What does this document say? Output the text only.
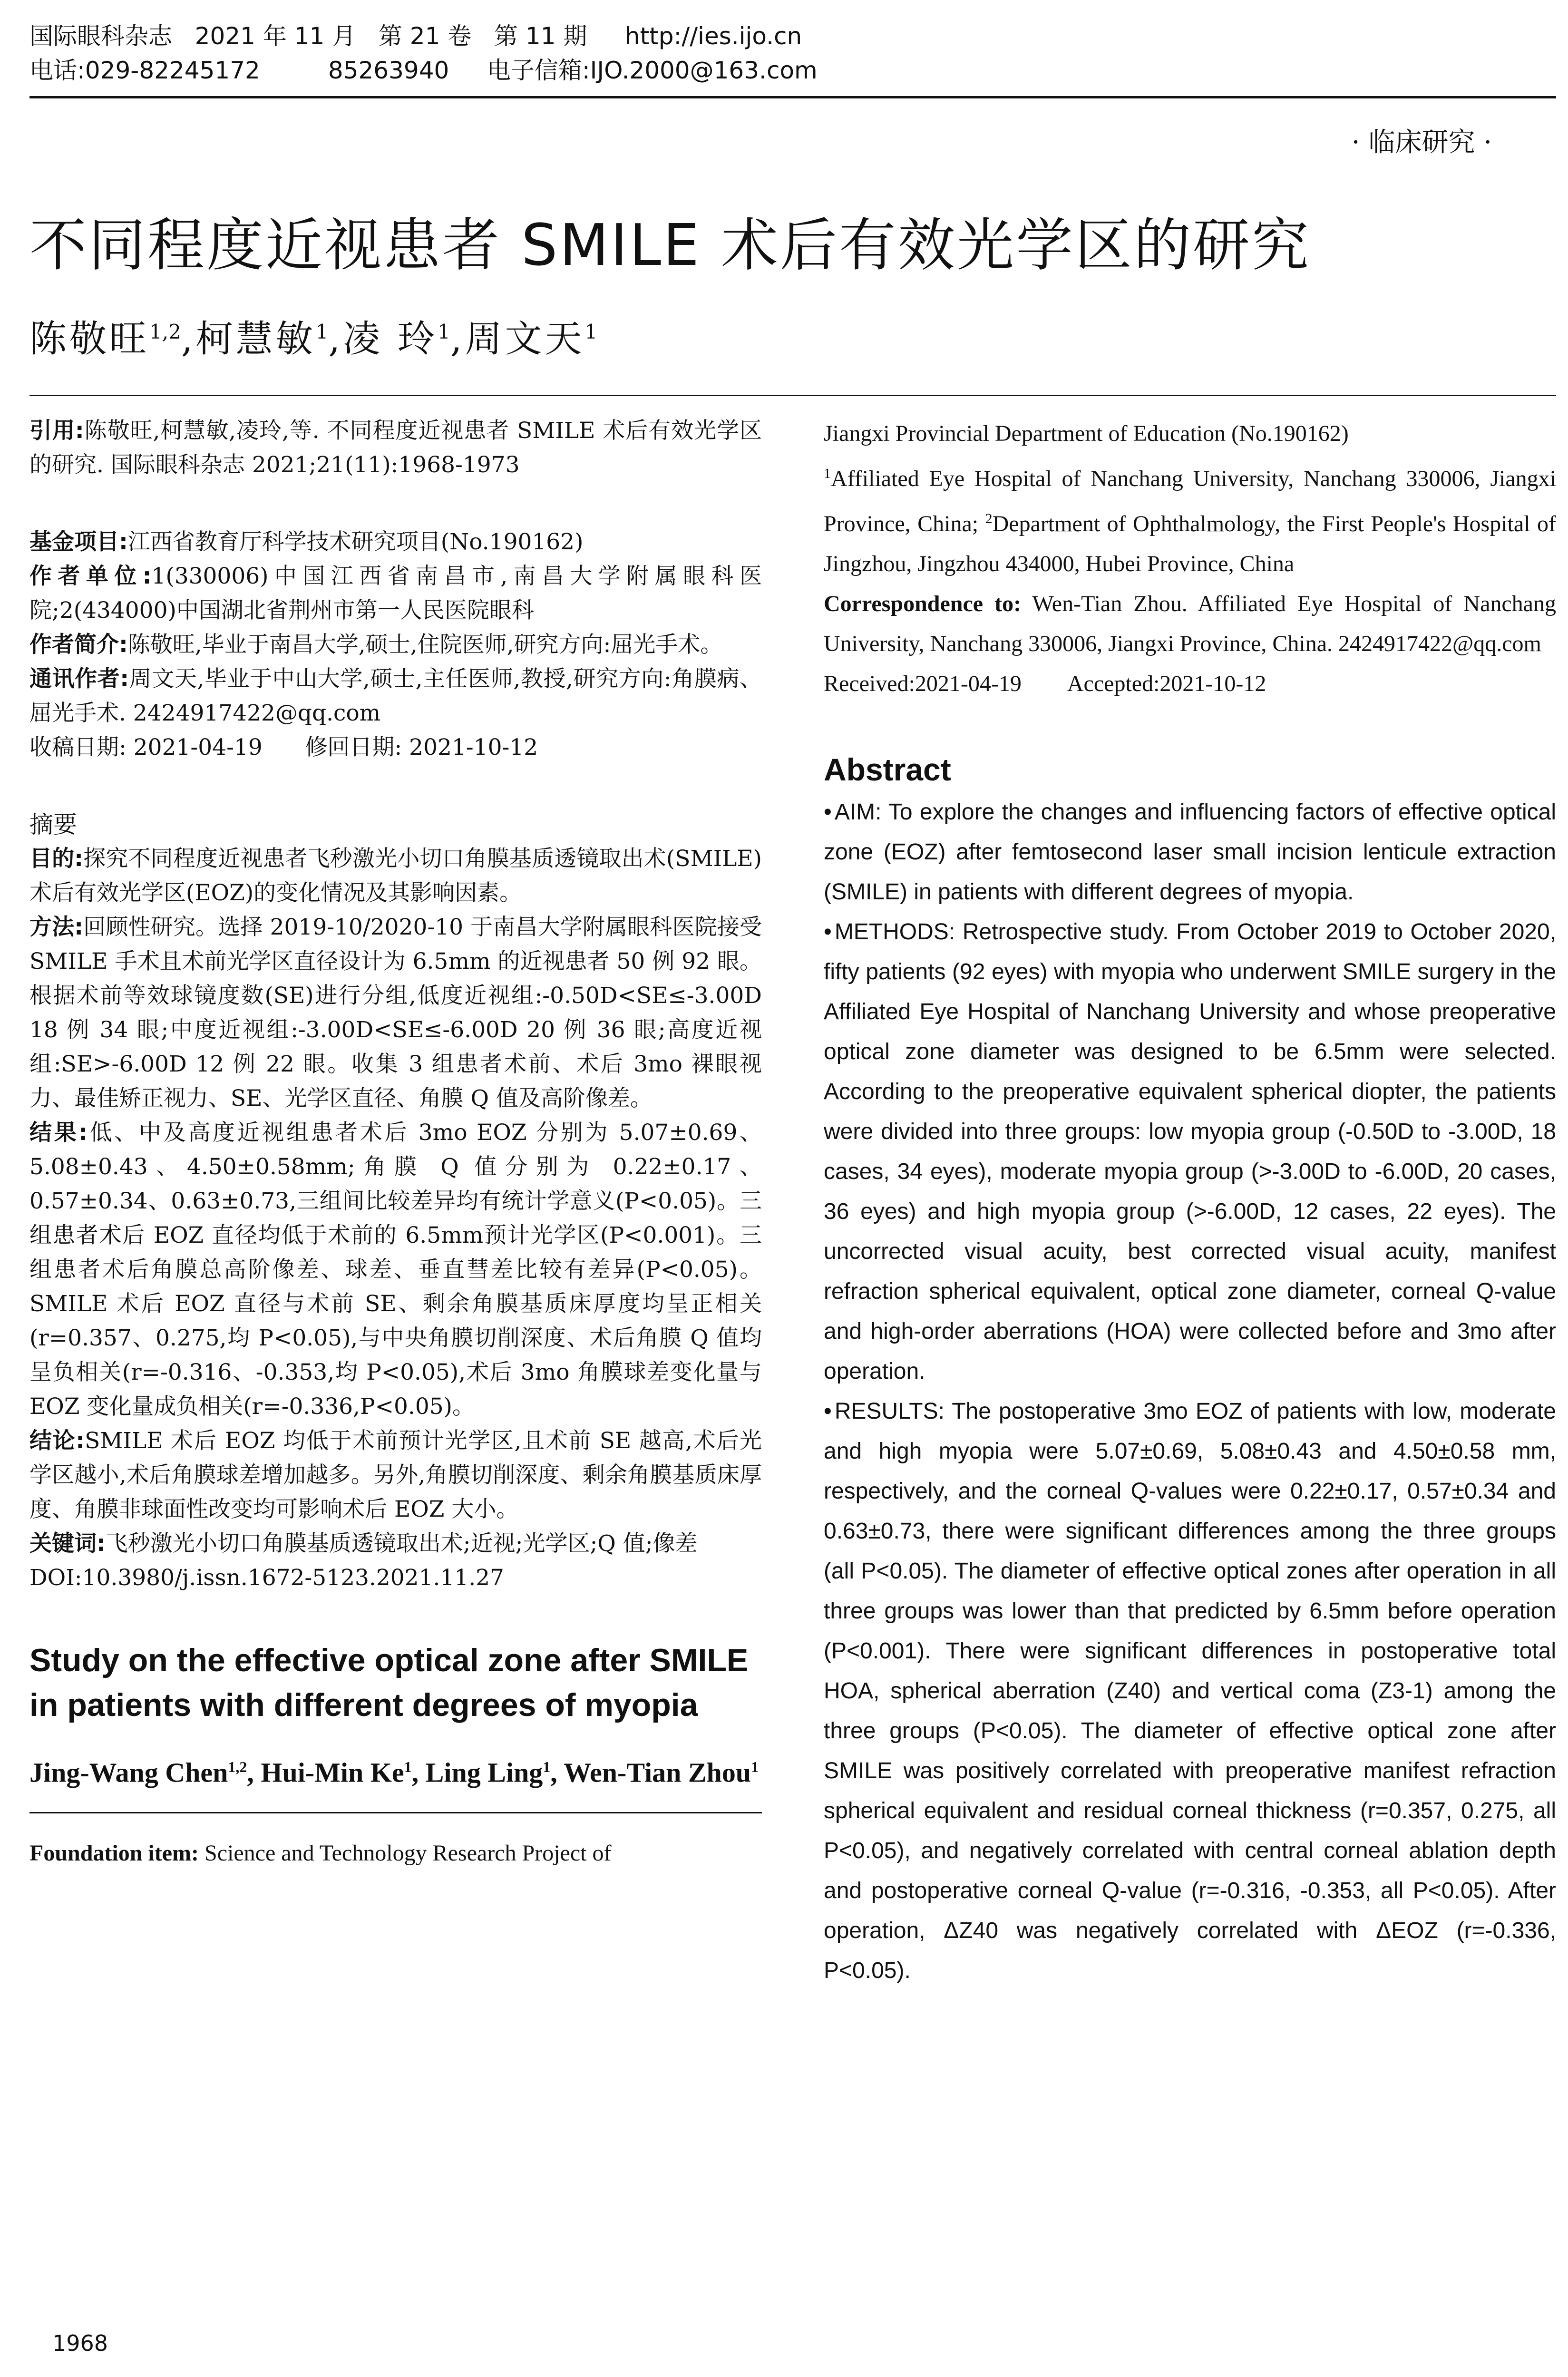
国际眼科杂志   2021 年 11 月   第 21 卷   第 11 期     http://ies.ijo.cn
电话:029-82245172         85263940     电子信箱:IJO.2000@163.com
· 临床研究 ·
不同程度近视患者 SMILE 术后有效光学区的研究
陈敬旺$^{1,2}$,柯慧敏$^1$,凌 玲$^1$,周文天$^1$

引用:陈敬旺,柯慧敏,凌玲,等. 不同程度近视患者 SMILE 术后有效光学区的研究. 国际眼科杂志 2021;21(11):1968-1973

基金项目:江西省教育厅科学技术研究项目(No.190162)

作者单位:1(330006)中国江西省南昌市,南昌大学附属眼科医院;2(434000)中国湖北省荆州市第一人民医院眼科

作者简介:陈敬旺,毕业于南昌大学,硕士,住院医师,研究方向:屈光手术。

通讯作者:周文天,毕业于中山大学,硕士,主任医师,教授,研究方向:角膜病、屈光手术. 2424917422@qq.com

收稿日期: 2021-04-19 修回日期: 2021-10-12

摘要

目的:探究不同程度近视患者飞秒激光小切口角膜基质透镜取出术(SMILE)术后有效光学区(EOZ)的变化情况及其影响因素。

方法:回顾性研究。选择 2019-10/2020-10 于南昌大学附属眼科医院接受 SMILE 手术且术前光学区直径设计为 6.5mm 的近视患者 50 例 92 眼。根据术前等效球镜度数(SE)进行分组,低度近视组:-0.50D<SE≤-3.00D 18 例 34 眼;中度近视组:-3.00D<SE≤-6.00D 20 例 36 眼;高度近视组:SE>-6.00D 12 例 22 眼。收集 3 组患者术前、术后 3mo 裸眼视力、最佳矫正视力、SE、光学区直径、角膜 Q 值及高阶像差。

结果:低、中及高度近视组患者术后 3mo EOZ 分别为 5.07±0.69、5.08±0.43、4.50±0.58mm;角膜 Q 值分别为 0.22±0.17、0.57±0.34、0.63±0.73,三组间比较差异均有统计学意义(P<0.05)。三组患者术后 EOZ 直径均低于术前的 6.5mm预计光学区(P<0.001)。三组患者术后角膜总高阶像差、球差、垂直彗差比较有差异(P<0.05)。SMILE 术后 EOZ 直径与术前 SE、剩余角膜基质床厚度均呈正相关(r=0.357、0.275,均 P<0.05),与中央角膜切削深度、术后角膜 Q 值均呈负相关(r=-0.316、-0.353,均 P<0.05),术后 3mo 角膜球差变化量与 EOZ 变化量成负相关(r=-0.336,P<0.05)。

结论:SMILE 术后 EOZ 均低于术前预计光学区,且术前 SE 越高,术后光学区越小,术后角膜球差增加越多。另外,角膜切削深度、剩余角膜基质床厚度、角膜非球面性改变均可影响术后 EOZ 大小。

关键词:飞秒激光小切口角膜基质透镜取出术;近视;光学区;Q 值;像差

DOI:10.3980/j.issn.1672-5123.2021.11.27

Study on the effective optical zone after SMILE in patients with different degrees of myopia

Jing-Wang Chen$^{1,2}$, Hui-Min Ke$^1$, Ling Ling$^1$, Wen-Tian Zhou$^1$

Foundation item: Science and Technology Research Project of

Jiangxi Provincial Department of Education (No.190162)

$^1$Affiliated Eye Hospital of Nanchang University, Nanchang 330006, Jiangxi Province, China; $^2$Department of Ophthalmology, the First People's Hospital of Jingzhou, Jingzhou 434000, Hubei Province, China

Correspondence to: Wen-Tian Zhou. Affiliated Eye Hospital of Nanchang University, Nanchang 330006, Jiangxi Province, China. 2424917422@qq.com

Received:2021-04-19 Accepted:2021-10-12

Abstract

• AIM: To explore the changes and influencing factors of effective optical zone (EOZ) after femtosecond laser small incision lenticule extraction (SMILE) in patients with different degrees of myopia.

• METHODS: Retrospective study. From October 2019 to October 2020, fifty patients (92 eyes) with myopia who underwent SMILE surgery in the Affiliated Eye Hospital of Nanchang University and whose preoperative optical zone diameter was designed to be 6.5mm were selected. According to the preoperative equivalent spherical diopter, the patients were divided into three groups: low myopia group (-0.50D to -3.00D, 18 cases, 34 eyes), moderate myopia group (>-3.00D to -6.00D, 20 cases, 36 eyes) and high myopia group (>-6.00D, 12 cases, 22 eyes). The uncorrected visual acuity, best corrected visual acuity, manifest refraction spherical equivalent, optical zone diameter, corneal Q-value and high-order aberrations (HOA) were collected before and 3mo after operation.

• RESULTS: The postoperative 3mo EOZ of patients with low, moderate and high myopia were 5.07±0.69, 5.08±0.43 and 4.50±0.58 mm, respectively, and the corneal Q-values were 0.22±0.17, 0.57±0.34 and 0.63±0.73, there were significant differences among the three groups (all P<0.05). The diameter of effective optical zones after operation in all three groups was lower than that predicted by 6.5mm before operation (P<0.001). There were significant differences in postoperative total HOA, spherical aberration (Z40) and vertical coma (Z3-1) among the three groups (P<0.05). The diameter of effective optical zone after SMILE was positively correlated with preoperative manifest refraction spherical equivalent and residual corneal thickness (r=0.357, 0.275, all P<0.05), and negatively correlated with central corneal ablation depth and postoperative corneal Q-value (r=-0.316, -0.353, all P<0.05). After operation, ΔZ40 was negatively correlated with ΔEOZ (r=-0.336, P<0.05).

1968
